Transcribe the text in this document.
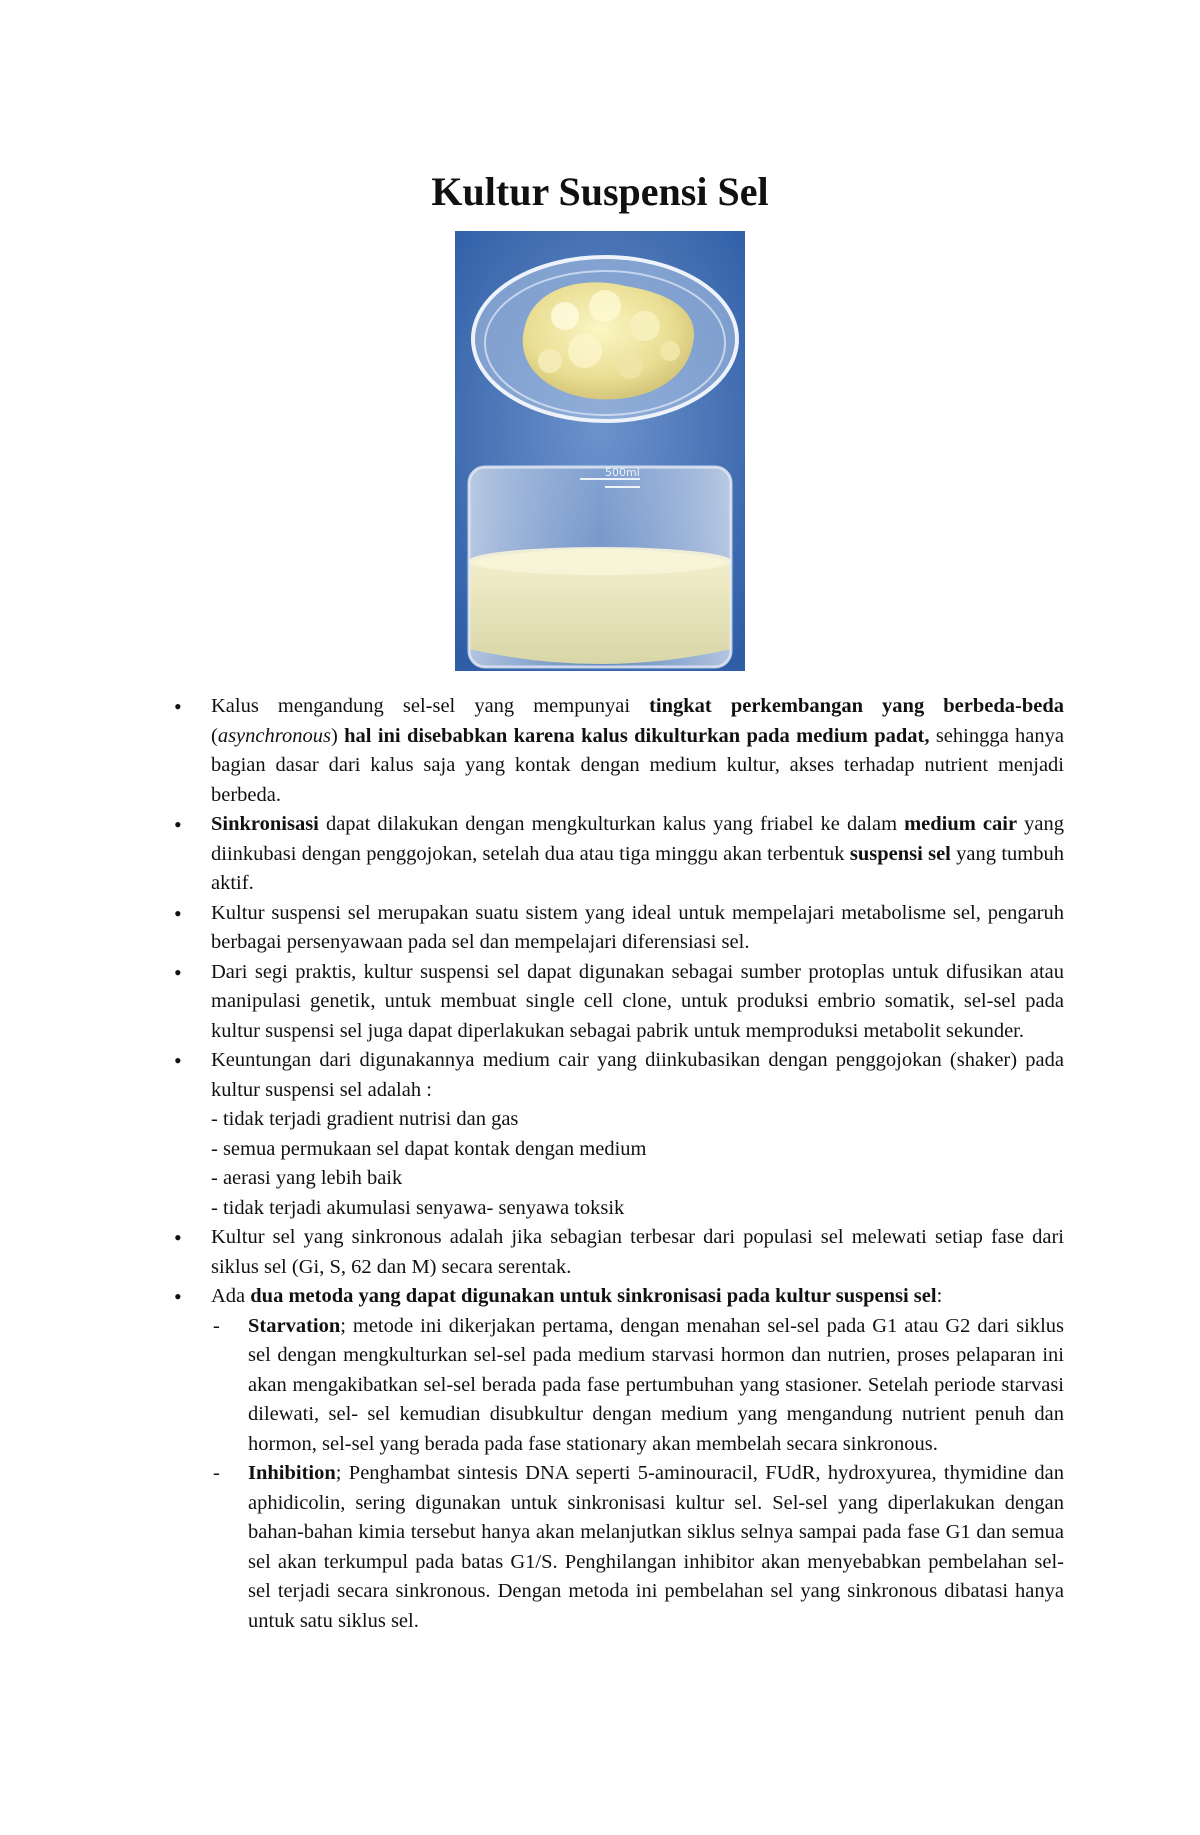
Kultur Suspensi Sel
500ml
• Kalus mengandung sel-sel yang mempunyai tingkat perkembangan yang berbeda-beda (asynchronous) hal ini disebabkan karena kalus dikulturkan pada medium padat, sehingga hanya bagian dasar dari kalus saja yang kontak dengan medium kultur, akses terhadap nutrient menjadi berbeda.
• Sinkronisasi dapat dilakukan dengan mengkulturkan kalus yang friabel ke dalam medium cair yang diinkubasi dengan penggojokan, setelah dua atau tiga minggu akan terbentuk suspensi sel yang tumbuh aktif.
• Kultur suspensi sel merupakan suatu sistem yang ideal untuk mempelajari metabolisme sel, pengaruh berbagai persenyawaan pada sel dan mempelajari diferensiasi sel.
• Dari segi praktis, kultur suspensi sel dapat digunakan sebagai sumber protoplas untuk difusikan atau manipulasi genetik, untuk membuat single cell clone, untuk produksi embrio somatik, sel-sel pada kultur suspensi sel juga dapat diperlakukan sebagai pabrik untuk memproduksi metabolit sekunder.
• Keuntungan dari digunakannya medium cair yang diinkubasikan dengan penggojokan (shaker) pada kultur suspensi sel adalah :
- tidak terjadi gradient nutrisi dan gas
- semua permukaan sel dapat kontak dengan medium
- aerasi yang lebih baik
- tidak terjadi akumulasi senyawa- senyawa toksik
• Kultur sel yang sinkronous adalah jika sebagian terbesar dari populasi sel melewati setiap fase dari siklus sel (Gi, S, 62 dan M) secara serentak.
• Ada dua metoda yang dapat digunakan untuk sinkronisasi pada kultur suspensi sel:
- Starvation; metode ini dikerjakan pertama, dengan menahan sel-sel pada G1 atau G2 dari siklus sel dengan mengkulturkan sel-sel pada medium starvasi hormon dan nutrien, proses pelaparan ini akan mengakibatkan sel-sel berada pada fase pertumbuhan yang stasioner. Setelah periode starvasi dilewati, sel- sel kemudian disubkultur dengan medium yang mengandung nutrient penuh dan hormon, sel-sel yang berada pada fase stationary akan membelah secara sinkronous.
- Inhibition; Penghambat sintesis DNA seperti 5-aminouracil, FUdR, hydroxyurea, thymidine dan aphidicolin, sering digunakan untuk sinkronisasi kultur sel. Sel-sel yang diperlakukan dengan bahan-bahan kimia tersebut hanya akan melanjutkan siklus selnya sampai pada fase G1 dan semua sel akan terkumpul pada batas G1/S. Penghilangan inhibitor akan menyebabkan pembelahan sel-sel terjadi secara sinkronous. Dengan metoda ini pembelahan sel yang sinkronous dibatasi hanya untuk satu siklus sel.
